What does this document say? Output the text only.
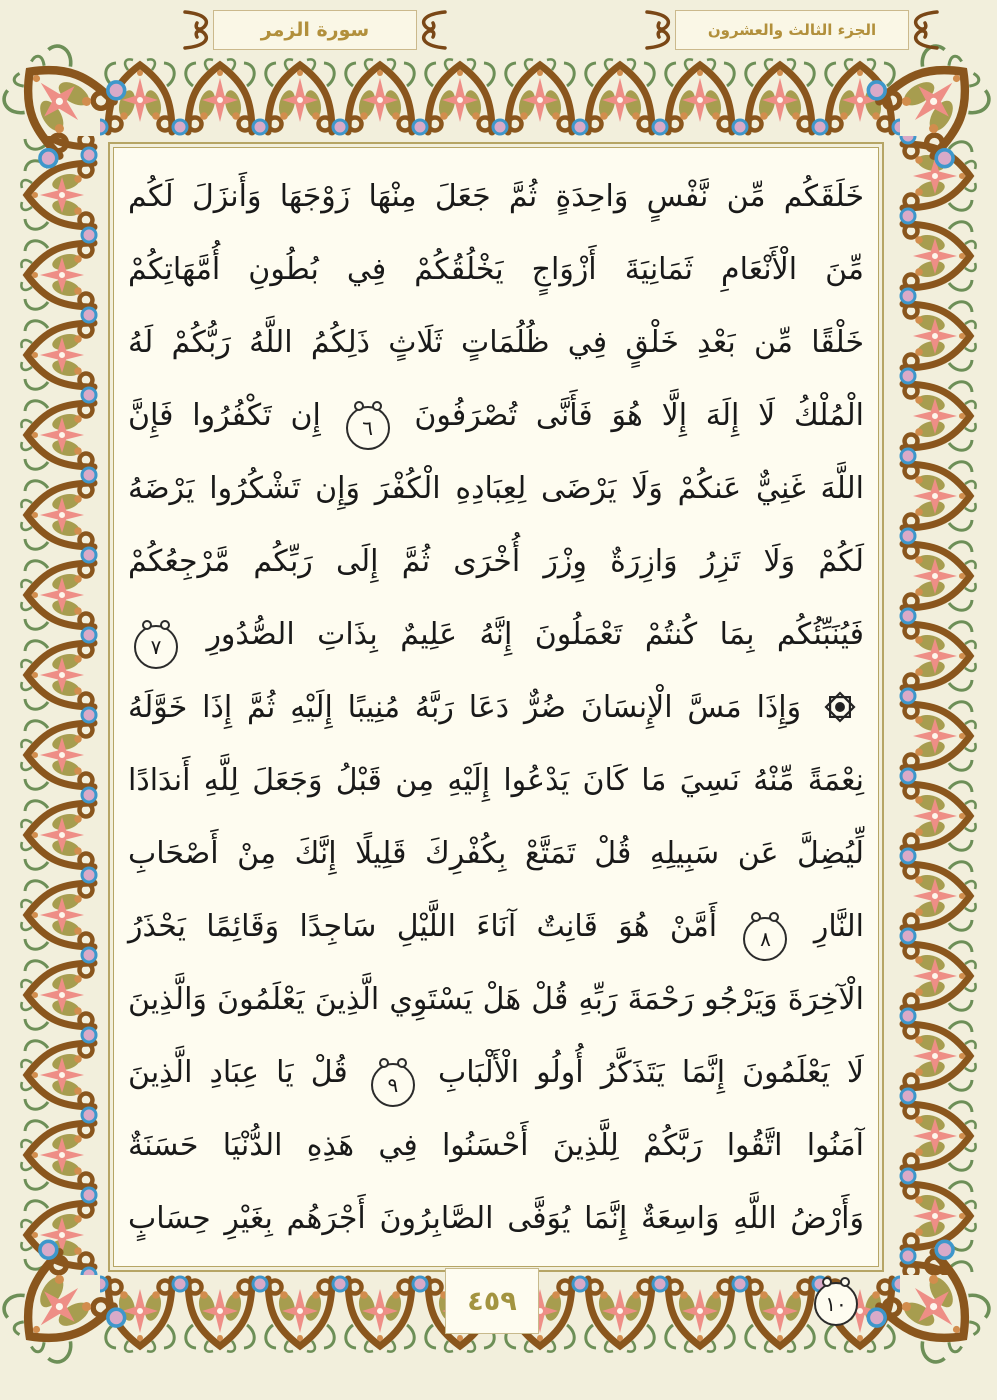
سورة الزمر	الجزء الثالث والعشرون
خَلَقَكُم مِّن نَّفْسٍ وَاحِدَةٍ ثُمَّ جَعَلَ مِنْهَا زَوْجَهَا وَأَنزَلَ لَكُم
مِّنَ الْأَنْعَامِ ثَمَانِيَةَ أَزْوَاجٍ يَخْلُقُكُمْ فِي بُطُونِ أُمَّهَاتِكُمْ
خَلْقًا مِّن بَعْدِ خَلْقٍ فِي ظُلُمَاتٍ ثَلَاثٍ ذَلِكُمُ اللَّهُ رَبُّكُمْ لَهُ
الْمُلْكُ لَا إِلَهَ إِلَّا هُوَ فَأَنَّى تُصْرَفُونَ ٦ إِن تَكْفُرُوا فَإِنَّ
اللَّهَ غَنِيٌّ عَنكُمْ وَلَا يَرْضَى لِعِبَادِهِ الْكُفْرَ وَإِن تَشْكُرُوا يَرْضَهُ
لَكُمْ وَلَا تَزِرُ وَازِرَةٌ وِزْرَ أُخْرَى ثُمَّ إِلَى رَبِّكُم مَّرْجِعُكُمْ
فَيُنَبِّئُكُم بِمَا كُنتُمْ تَعْمَلُونَ إِنَّهُ عَلِيمٌ بِذَاتِ الصُّدُورِ ٧
وَإِذَا مَسَّ الْإِنسَانَ ضُرٌّ دَعَا رَبَّهُ مُنِيبًا إِلَيْهِ ثُمَّ إِذَا خَوَّلَهُ
نِعْمَةً مِّنْهُ نَسِيَ مَا كَانَ يَدْعُوا إِلَيْهِ مِن قَبْلُ وَجَعَلَ لِلَّهِ أَندَادًا
لِّيُضِلَّ عَن سَبِيلِهِ قُلْ تَمَتَّعْ بِكُفْرِكَ قَلِيلًا إِنَّكَ مِنْ أَصْحَابِ
النَّارِ ٨ أَمَّنْ هُوَ قَانِتٌ آنَاءَ اللَّيْلِ سَاجِدًا وَقَائِمًا يَحْذَرُ
الْآخِرَةَ وَيَرْجُو رَحْمَةَ رَبِّهِ قُلْ هَلْ يَسْتَوِي الَّذِينَ يَعْلَمُونَ وَالَّذِينَ
لَا يَعْلَمُونَ إِنَّمَا يَتَذَكَّرُ أُولُو الْأَلْبَابِ ٩ قُلْ يَا عِبَادِ الَّذِينَ
آمَنُوا اتَّقُوا رَبَّكُمْ لِلَّذِينَ أَحْسَنُوا فِي هَذِهِ الدُّنْيَا حَسَنَةٌ
وَأَرْضُ اللَّهِ وَاسِعَةٌ إِنَّمَا يُوَفَّى الصَّابِرُونَ أَجْرَهُم بِغَيْرِ حِسَابٍ ١٠
٤٥٩
